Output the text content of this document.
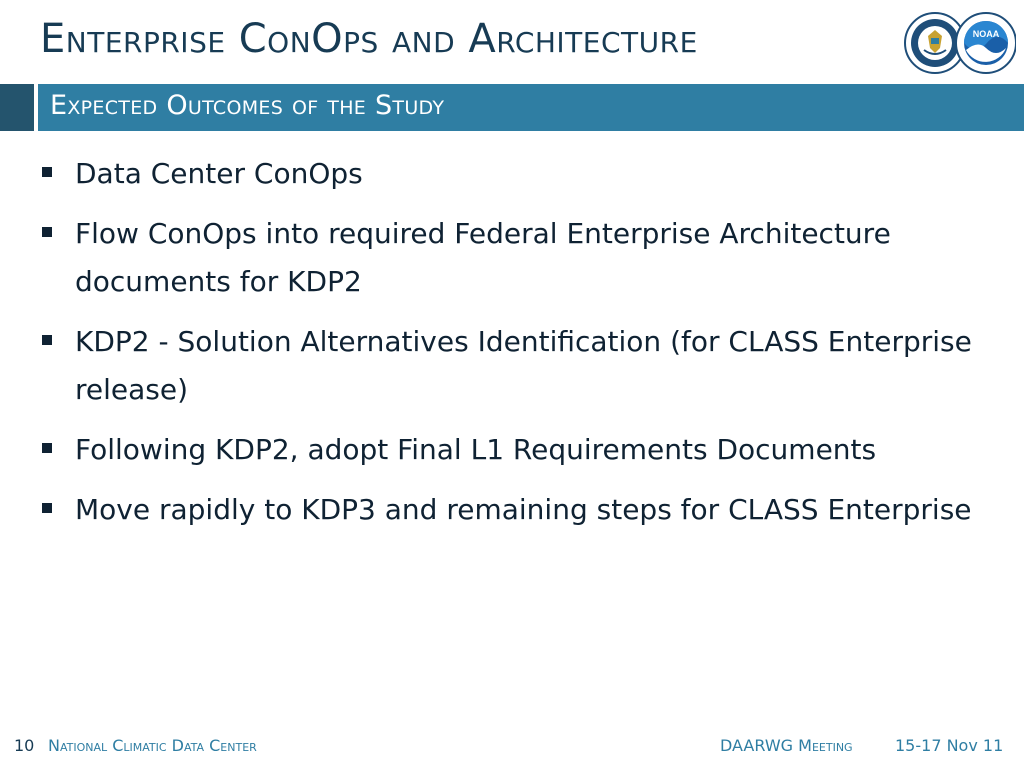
Enterprise ConOps and Architecture	NOAA
Expected Outcomes of the Study
Data Center ConOps
Flow ConOps into required Federal Enterprise Architecture documents for KDP2
KDP2 - Solution Alternatives Identification (for CLASS Enterprise release)
Following KDP2, adopt Final L1 Requirements Documents
Move rapidly to KDP3 and remaining steps for CLASS Enterprise
10 National Climatic Data Center	DAARWG Meeting	15-17 Nov 11
